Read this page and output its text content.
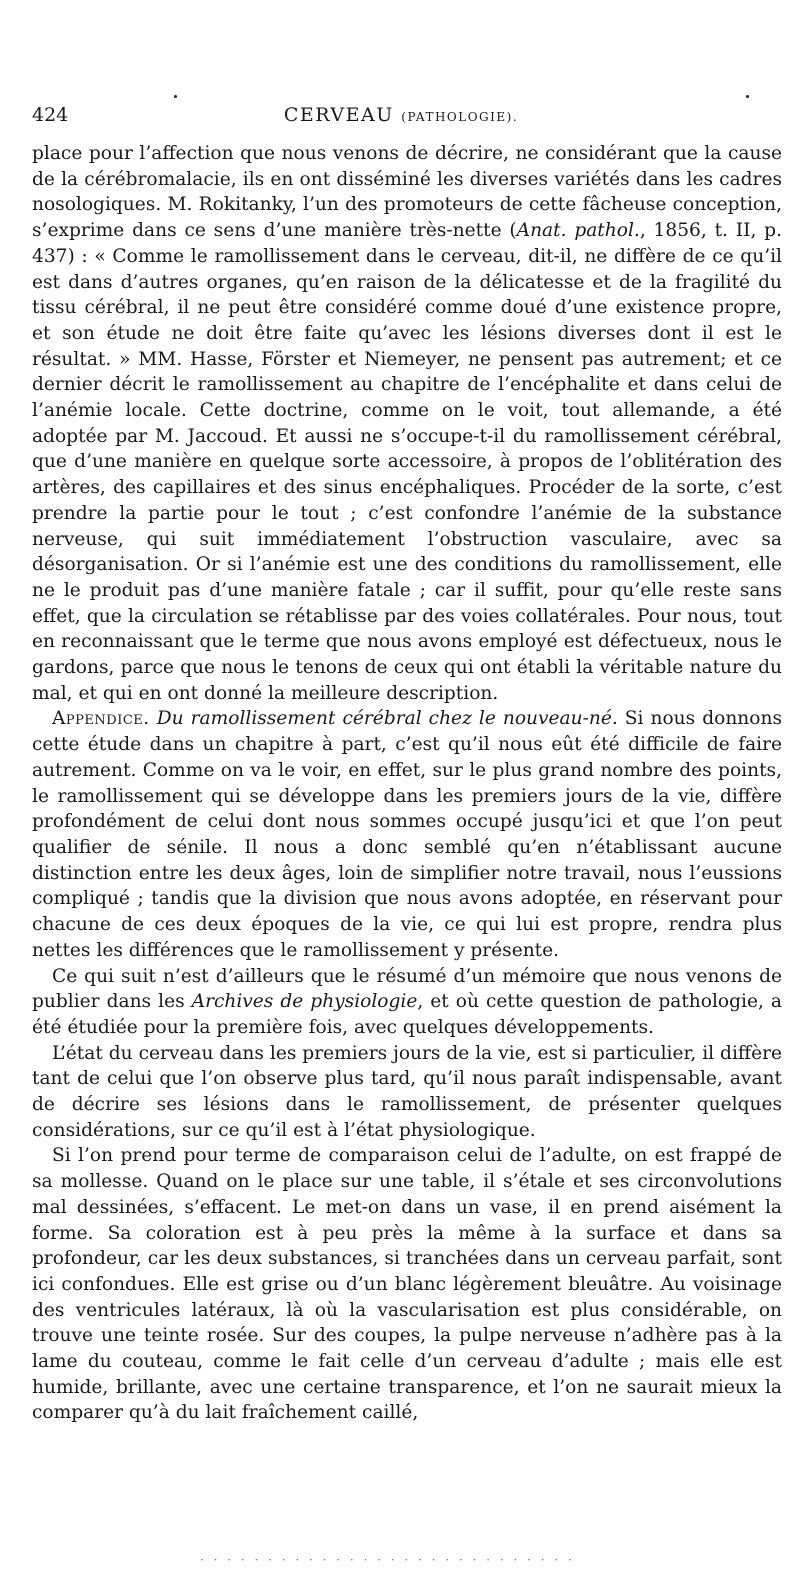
424	CERVEAU (PATHOLOGIE).

place pour l’affection que nous venons de décrire, ne considérant que la cause de la cérébromalacie, ils en ont disséminé les diverses variétés dans les cadres nosologiques. M. Rokitanky, l’un des promoteurs de cette fâcheuse conception, s’exprime dans ce sens d’une manière très-nette (Anat. pathol., 1856, t. II, p. 437) : « Comme le ramollissement dans le cerveau, dit-il, ne diffère de ce qu’il est dans d’autres organes, qu’en raison de la délicatesse et de la fragilité du tissu cérébral, il ne peut être considéré comme doué d’une existence propre, et son étude ne doit être faite qu’avec les lésions diverses dont il est le résultat. » MM. Hasse, Förster et Niemeyer, ne pensent pas autrement; et ce dernier décrit le ramollissement au chapitre de l’encéphalite et dans celui de l’anémie locale. Cette doctrine, comme on le voit, tout allemande, a été adoptée par M. Jaccoud. Et aussi ne s’occupe-t-il du ramollissement cérébral, que d’une manière en quelque sorte accessoire, à propos de l’oblitération des artères, des capillaires et des sinus encéphaliques. Procéder de la sorte, c’est prendre la partie pour le tout ; c’est confondre l’anémie de la substance nerveuse, qui suit immédiatement l’obstruction vasculaire, avec sa désorganisation. Or si l’anémie est une des conditions du ramollissement, elle ne le produit pas d’une manière fatale ; car il suffit, pour qu’elle reste sans effet, que la circulation se rétablisse par des voies collatérales. Pour nous, tout en reconnaissant que le terme que nous avons employé est défectueux, nous le gardons, parce que nous le tenons de ceux qui ont établi la véritable nature du mal, et qui en ont donné la meilleure description.

Appendice. Du ramollissement cérébral chez le nouveau-né. Si nous donnons cette étude dans un chapitre à part, c’est qu’il nous eût été difficile de faire autrement. Comme on va le voir, en effet, sur le plus grand nombre des points, le ramollissement qui se développe dans les premiers jours de la vie, diffère profondément de celui dont nous sommes occupé jusqu’ici et que l’on peut qualifier de sénile. Il nous a donc semblé qu’en n’établissant aucune distinction entre les deux âges, loin de simplifier notre travail, nous l’eussions compliqué ; tandis que la division que nous avons adoptée, en réservant pour chacune de ces deux époques de la vie, ce qui lui est propre, rendra plus nettes les différences que le ramollissement y présente.

Ce qui suit n’est d’ailleurs que le résumé d’un mémoire que nous venons de publier dans les Archives de physiologie, et où cette question de pathologie, a été étudiée pour la première fois, avec quelques développements.

L’état du cerveau dans les premiers jours de la vie, est si particulier, il diffère tant de celui que l’on observe plus tard, qu’il nous paraît indispensable, avant de décrire ses lésions dans le ramollissement, de présenter quelques considérations, sur ce qu’il est à l’état physiologique.

Si l’on prend pour terme de comparaison celui de l’adulte, on est frappé de sa mollesse. Quand on le place sur une table, il s’étale et ses circonvolutions mal dessinées, s’effacent. Le met-on dans un vase, il en prend aisément la forme. Sa coloration est à peu près la même à la surface et dans sa profondeur, car les deux substances, si tranchées dans un cerveau parfait, sont ici confondues. Elle est grise ou d’un blanc légèrement bleuâtre. Au voisinage des ventricules latéraux, là où la vascularisation est plus considérable, on trouve une teinte rosée. Sur des coupes, la pulpe nerveuse n’adhère pas à la lame du couteau, comme le fait celle d’un cerveau d’adulte ; mais elle est humide, brillante, avec une certaine transparence, et l’on ne saurait mieux la comparer qu’à du lait fraîchement caillé,

· · · · · · · · · · · · · · · · · · · · · · · · · · · ·
